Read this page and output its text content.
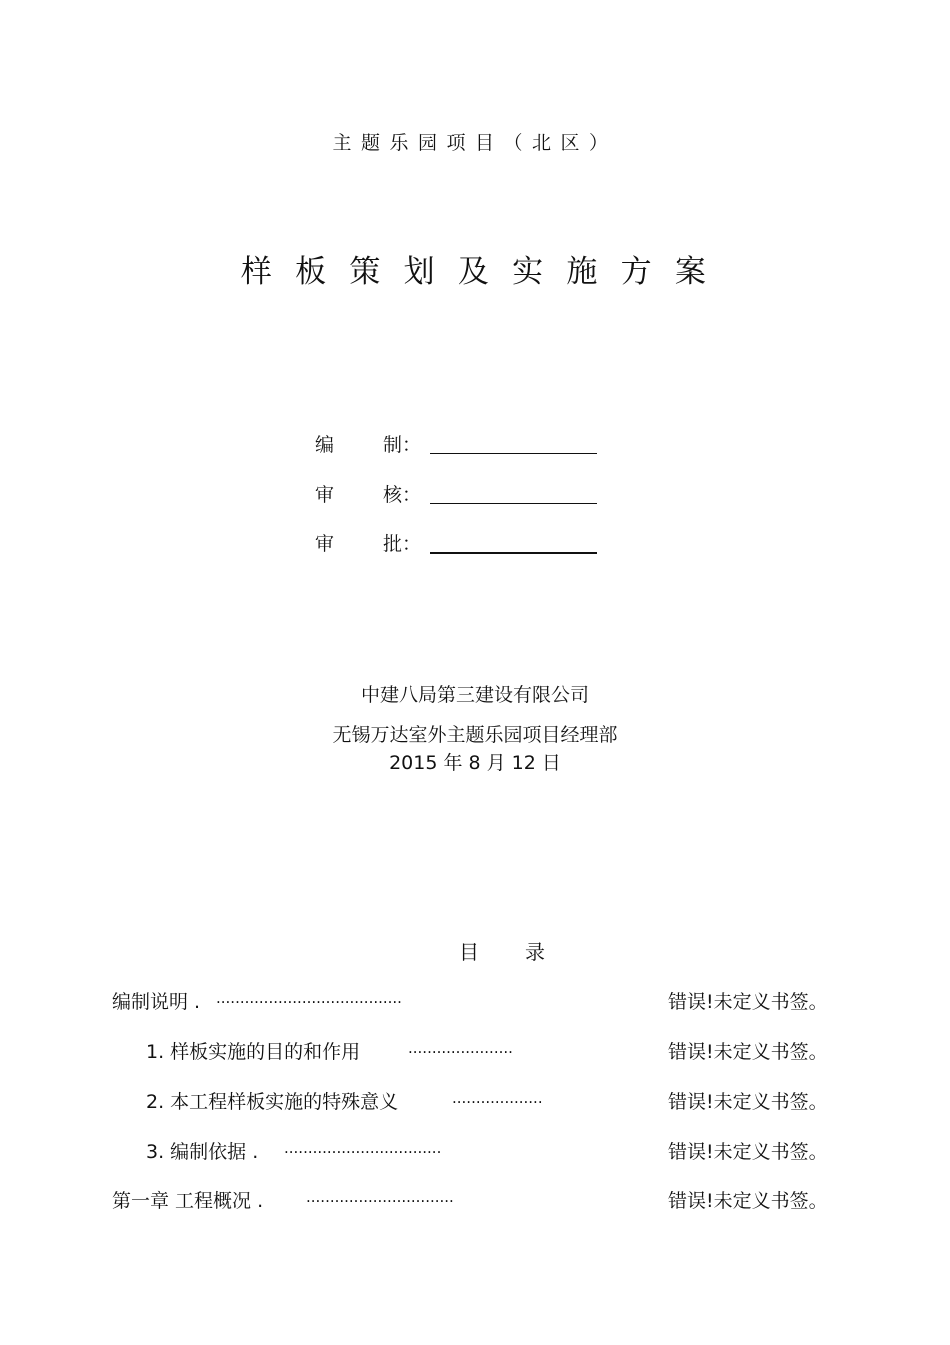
主题乐园项目（北区）
样板策划及实施方案
编	制：
审	核：
审	批：
中建八局第三建设有限公司
无锡万达室外主题乐园项目经理部
2015 年 8 月 12 日
目 录
编制说明 . .......................................	错误!未定义书签。
1. 样板实施的目的和作用	......................	错误!未定义书签。
2. 本工程样板实施的特殊意义	...................	错误!未定义书签。
3. 编制依据 . .................................	错误!未定义书签。
第一章 工程概况 .	...............................	错误!未定义书签。
